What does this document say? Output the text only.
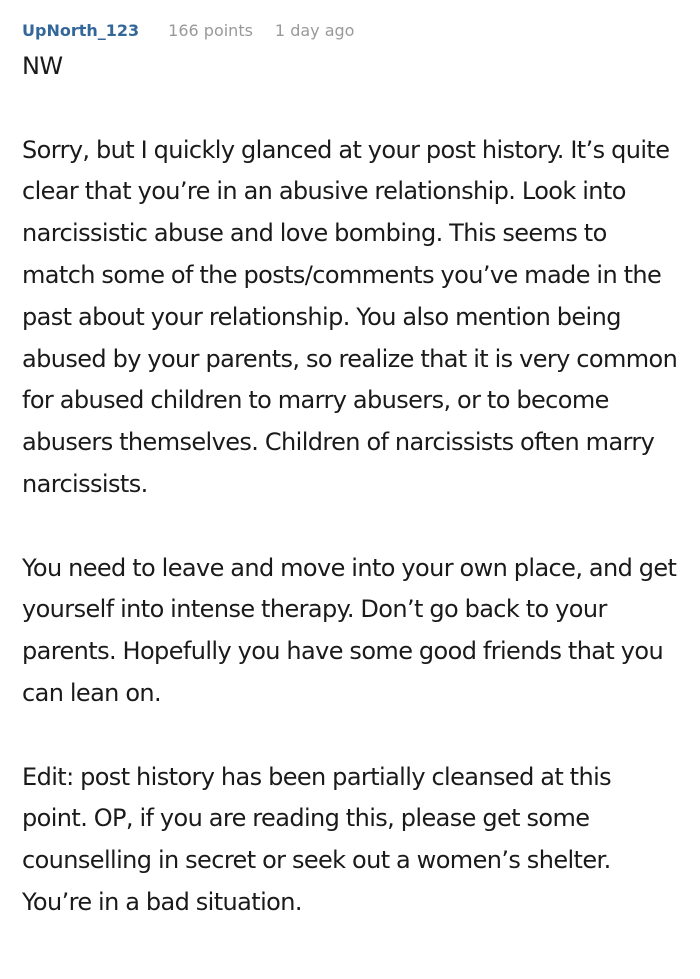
UpNorth_123 166 points 1 day ago

NW

Sorry, but I quickly glanced at your post history. It’s quite clear that you’re in an abusive relationship. Look into narcissistic abuse and love bombing. This seems to match some of the posts/comments you’ve made in the past about your relationship. You also mention being abused by your parents, so realize that it is very common for abused children to marry abusers, or to become abusers themselves. Children of narcissists often marry narcissists.

You need to leave and move into your own place, and get yourself into intense therapy. Don’t go back to your parents. Hopefully you have some good friends that you can lean on.

Edit: post history has been partially cleansed at this point. OP, if you are reading this, please get some counselling in secret or seek out a women’s shelter. You’re in a bad situation.
